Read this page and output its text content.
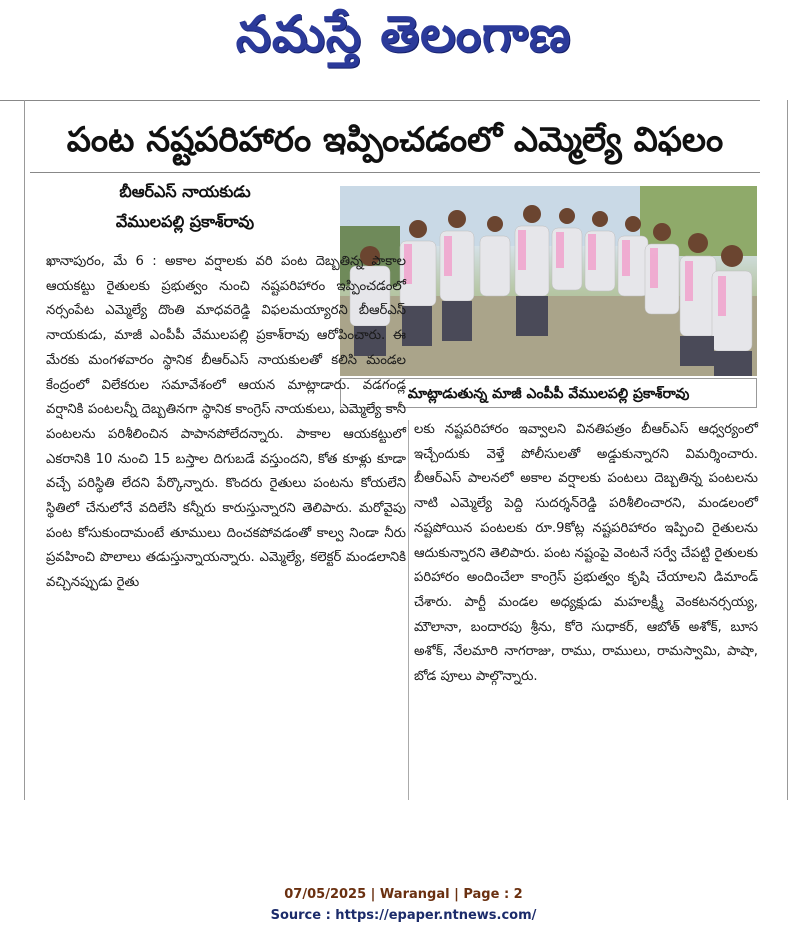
నమస్తే తెలంగాణ
పంట నష్టపరిహారం ఇప్పించడంలో ఎమ్మెల్యే విఫలం
బీఆర్ఎస్ నాయకుడు
వేములపల్లి ప్రకాశ్‌రావు
మాట్లాడుతున్న మాజీ ఎంపీపీ వేములపల్లి ప్రకాశ్‌రావు
ఖానాపురం, మే 6 : అకాల వర్షాలకు వరి పంట దెబ్బతిన్న పాకాల ఆయకట్టు రైతులకు ప్రభుత్వం నుంచి నష్టపరిహారం ఇప్పించడంలో నర్సంపేట ఎమ్మెల్యే దొంతి మాధవరెడ్డి విఫలమయ్యారని బీఆర్ఎస్ నాయకుడు, మాజీ ఎంపీపీ వేములపల్లి ప్రకాశ్‌రావు ఆరోపించారు. ఈ మేరకు మంగళవారం స్థానిక బీఆర్ఎస్ నాయకులతో కలిసి మండల కేంద్రంలో విలేకరుల సమావేశంలో ఆయన మాట్లాడారు. వడగండ్ల వర్షానికి పంటలన్నీ దెబ్బతినగా స్థానిక కాంగ్రెస్ నాయకులు, ఎమ్మెల్యే కానీ పంటలను పరిశీలించిన పాపానపోలేదన్నారు. పాకాల ఆయకట్టులో ఎకరానికి 10 నుంచి 15 బస్తాల దిగుబడే వస్తుందని, కోత కూళ్లు కూడా వచ్చే పరిస్థితి లేదని పేర్కొన్నారు. కొందరు రైతులు పంటను కోయలేని స్థితిలో చేనులోనే వదిలేసి కన్నీరు కారుస్తున్నారని తెలిపారు. మరోవైపు పంట కోసుకుందామంటే తూములు దించకపోవడంతో కాల్వ నిండా నీరు ప్రవహించి పొలాలు తడుస్తున్నాయన్నారు. ఎమ్మెల్యే, కలెక్టర్ మండలానికి వచ్చినప్పుడు రైతు
లకు నష్టపరిహారం ఇవ్వాలని వినతిపత్రం బీఆర్ఎస్ ఆధ్వర్యంలో ఇచ్చేందుకు వెళ్తే పోలీసులతో అడ్డుకున్నారని విమర్శించారు. బీఆర్ఎస్ పాలనలో అకాల వర్షాలకు పంటలు దెబ్బతిన్న పంటలను నాటి ఎమ్మెల్యే పెద్ది సుదర్శన్‌రెడ్డి పరిశీలించారని, మండలంలో నష్టపోయిన పంటలకు రూ.9కోట్ల నష్టపరిహారం ఇప్పించి రైతులను ఆదుకున్నారని తెలిపారు. పంట నష్టంపై వెంటనే సర్వే చేపట్టి రైతులకు పరిహారం అందించేలా కాంగ్రెస్ ప్రభుత్వం కృషి చేయాలని డిమాండ్ చేశారు. పార్టీ మండల అధ్యక్షుడు మహలక్ష్మీ వెంకటనర్సయ్య, మౌలానా, బందారపు శ్రీను, కోరె సుధాకర్, ఆబోత్ అశోక్, బూస అశోక్, నేలమారి నాగరాజు, రాము, రాములు, రామస్వామి, పాషా, బోడ పూలు పాల్గొన్నారు.
07/05/2025 | Warangal | Page : 2
Source : https://epaper.ntnews.com/
